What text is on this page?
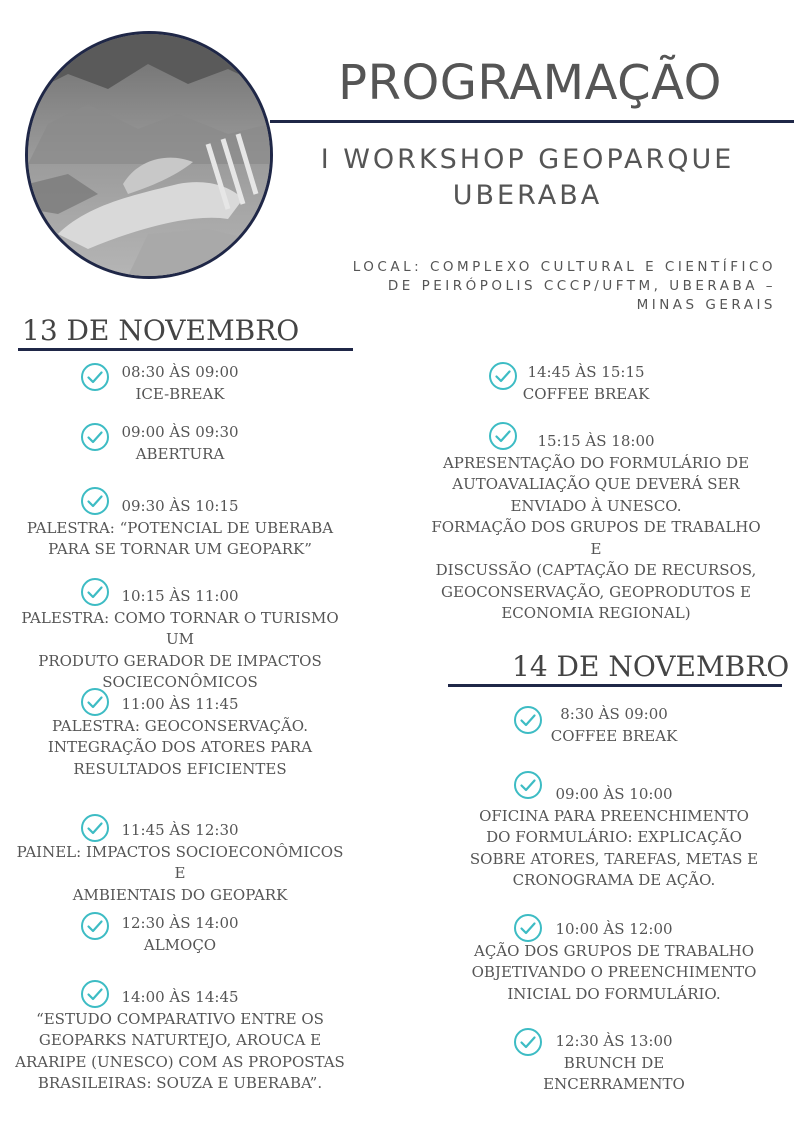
PROGRAMAÇÃO
I WORKSHOP GEOPARQUE
UBERABA
LOCAL: COMPLEXO CULTURAL E CIENTÍFICO
DE PEIRÓPOLIS CCCP/UFTM, UBERABA –
MINAS GERAIS
13 DE NOVEMBRO
14 DE NOVEMBRO
08:30 ÀS 09:00
ICE-BREAK
09:00 ÀS 09:30
ABERTURA
09:30 ÀS 10:15
PALESTRA: “POTENCIAL DE UBERABA
PARA SE TORNAR UM GEOPARK”
10:15 ÀS 11:00
PALESTRA: COMO TORNAR O TURISMO UM
PRODUTO GERADOR DE IMPACTOS
SOCIECONÔMICOS
11:00 ÀS 11:45
PALESTRA: GEOCONSERVAÇÃO.
INTEGRAÇÃO DOS ATORES PARA
RESULTADOS EFICIENTES
11:45 ÀS 12:30
PAINEL: IMPACTOS SOCIOECONÔMICOS E
AMBIENTAIS DO GEOPARK
12:30 ÀS 14:00
ALMOÇO
14:00 ÀS 14:45
“ESTUDO COMPARATIVO ENTRE OS
GEOPARKS NATURTEJO, AROUCA E
ARARIPE (UNESCO) COM AS PROPOSTAS
BRASILEIRAS: SOUZA E UBERABA”.
14:45 ÀS 15:15
COFFEE BREAK
15:15 ÀS 18:00
APRESENTAÇÃO DO FORMULÁRIO DE
AUTOAVALIAÇÃO QUE DEVERÁ SER
ENVIADO À UNESCO.
FORMAÇÃO DOS GRUPOS DE TRABALHO E
DISCUSSÃO (CAPTAÇÃO DE RECURSOS,
GEOCONSERVAÇÃO, GEOPRODUTOS E
ECONOMIA REGIONAL)
8:30 ÀS 09:00
COFFEE BREAK
09:00 ÀS 10:00
OFICINA PARA PREENCHIMENTO
DO FORMULÁRIO: EXPLICAÇÃO
SOBRE ATORES, TAREFAS, METAS E
CRONOGRAMA DE AÇÃO.
10:00 ÀS 12:00
AÇÃO DOS GRUPOS DE TRABALHO
OBJETIVANDO O PREENCHIMENTO
INICIAL DO FORMULÁRIO.
12:30 ÀS 13:00
BRUNCH DE
ENCERRAMENTO
